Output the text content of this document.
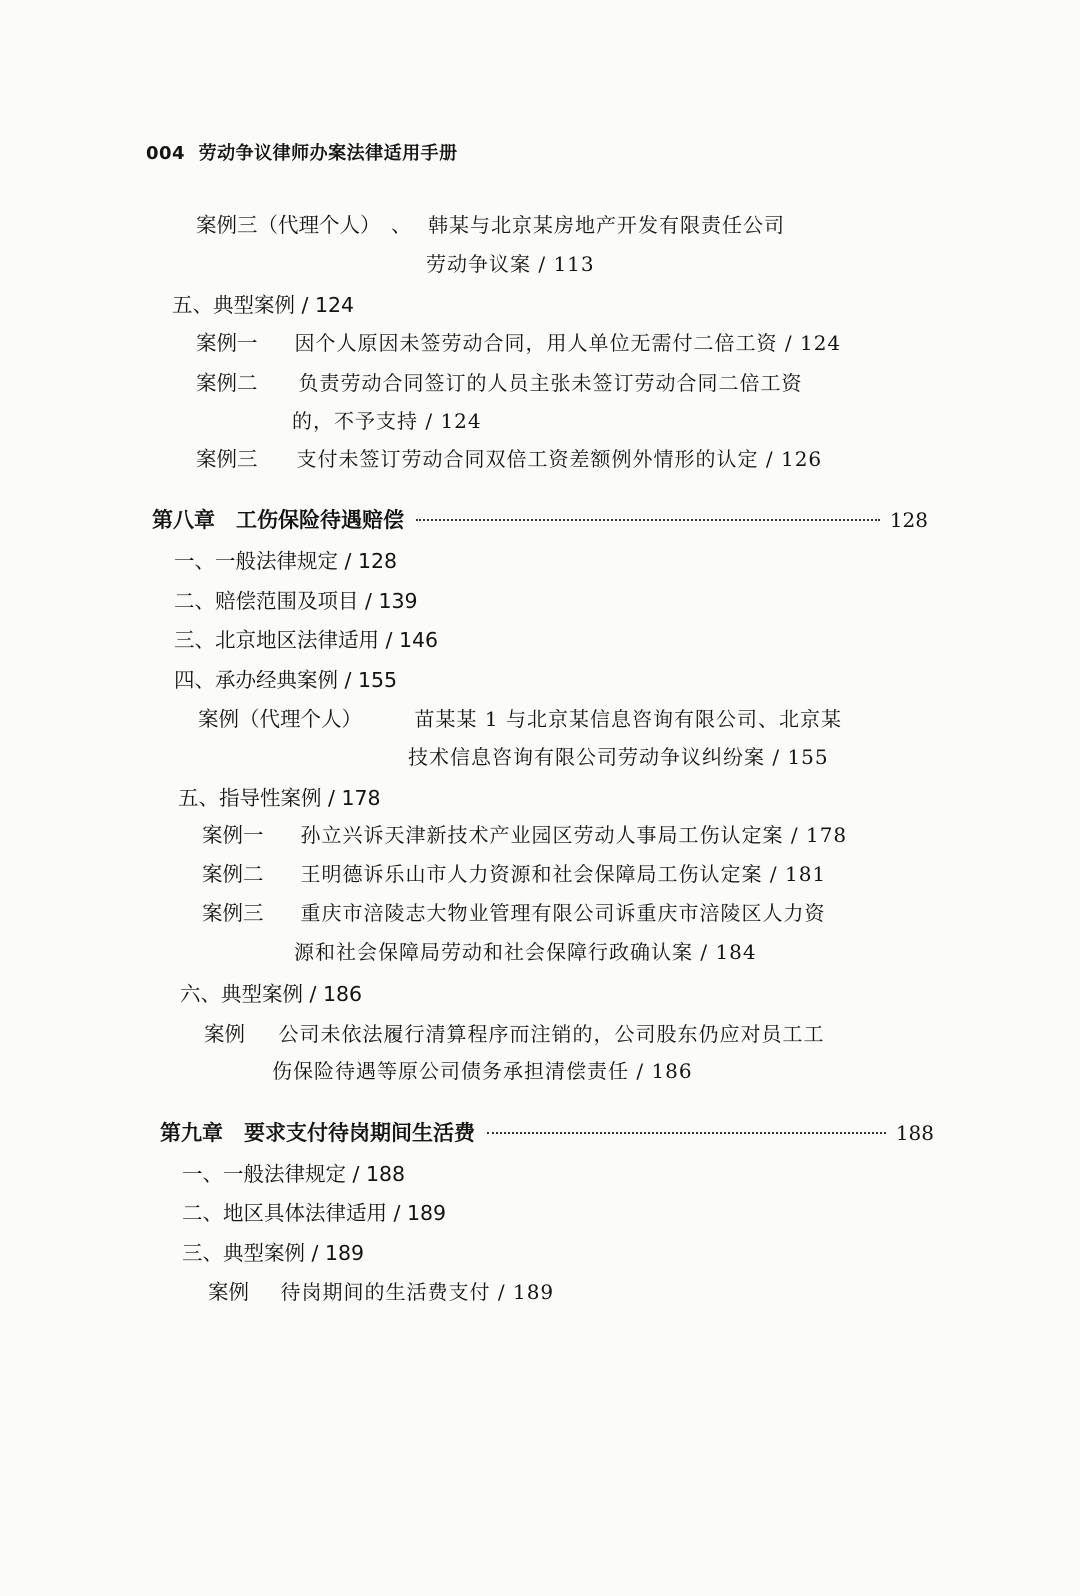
004 劳动争议律师办案法律适用手册
案例三（代理个人） 、 韩某与北京某房地产开发有限责任公司
劳动争议案 / 113
五、典型案例 / 124
案例一 因个人原因未签劳动合同，用人单位无需付二倍工资 / 124
案例二 负责劳动合同签订的人员主张未签订劳动合同二倍工资
的，不予支持 / 124
案例三 支付未签订劳动合同双倍工资差额例外情形的认定 / 126
第八章　工伤保险待遇赔偿	128
一、一般法律规定 / 128
二、赔偿范围及项目 / 139
三、北京地区法律适用 / 146
四、承办经典案例 / 155
案例（代理个人）	苗某某 1 与北京某信息咨询有限公司、北京某
技术信息咨询有限公司劳动争议纠纷案 / 155
五、指导性案例 / 178
案例一 孙立兴诉天津新技术产业园区劳动人事局工伤认定案 / 178
案例二 王明德诉乐山市人力资源和社会保障局工伤认定案 / 181
案例三 重庆市涪陵志大物业管理有限公司诉重庆市涪陵区人力资
源和社会保障局劳动和社会保障行政确认案 / 184
六、典型案例 / 186
案例 公司未依法履行清算程序而注销的，公司股东仍应对员工工
伤保险待遇等原公司债务承担清偿责任 / 186
第九章　要求支付待岗期间生活费	188
一、一般法律规定 / 188
二、地区具体法律适用 / 189
三、典型案例 / 189
案例 待岗期间的生活费支付 / 189
